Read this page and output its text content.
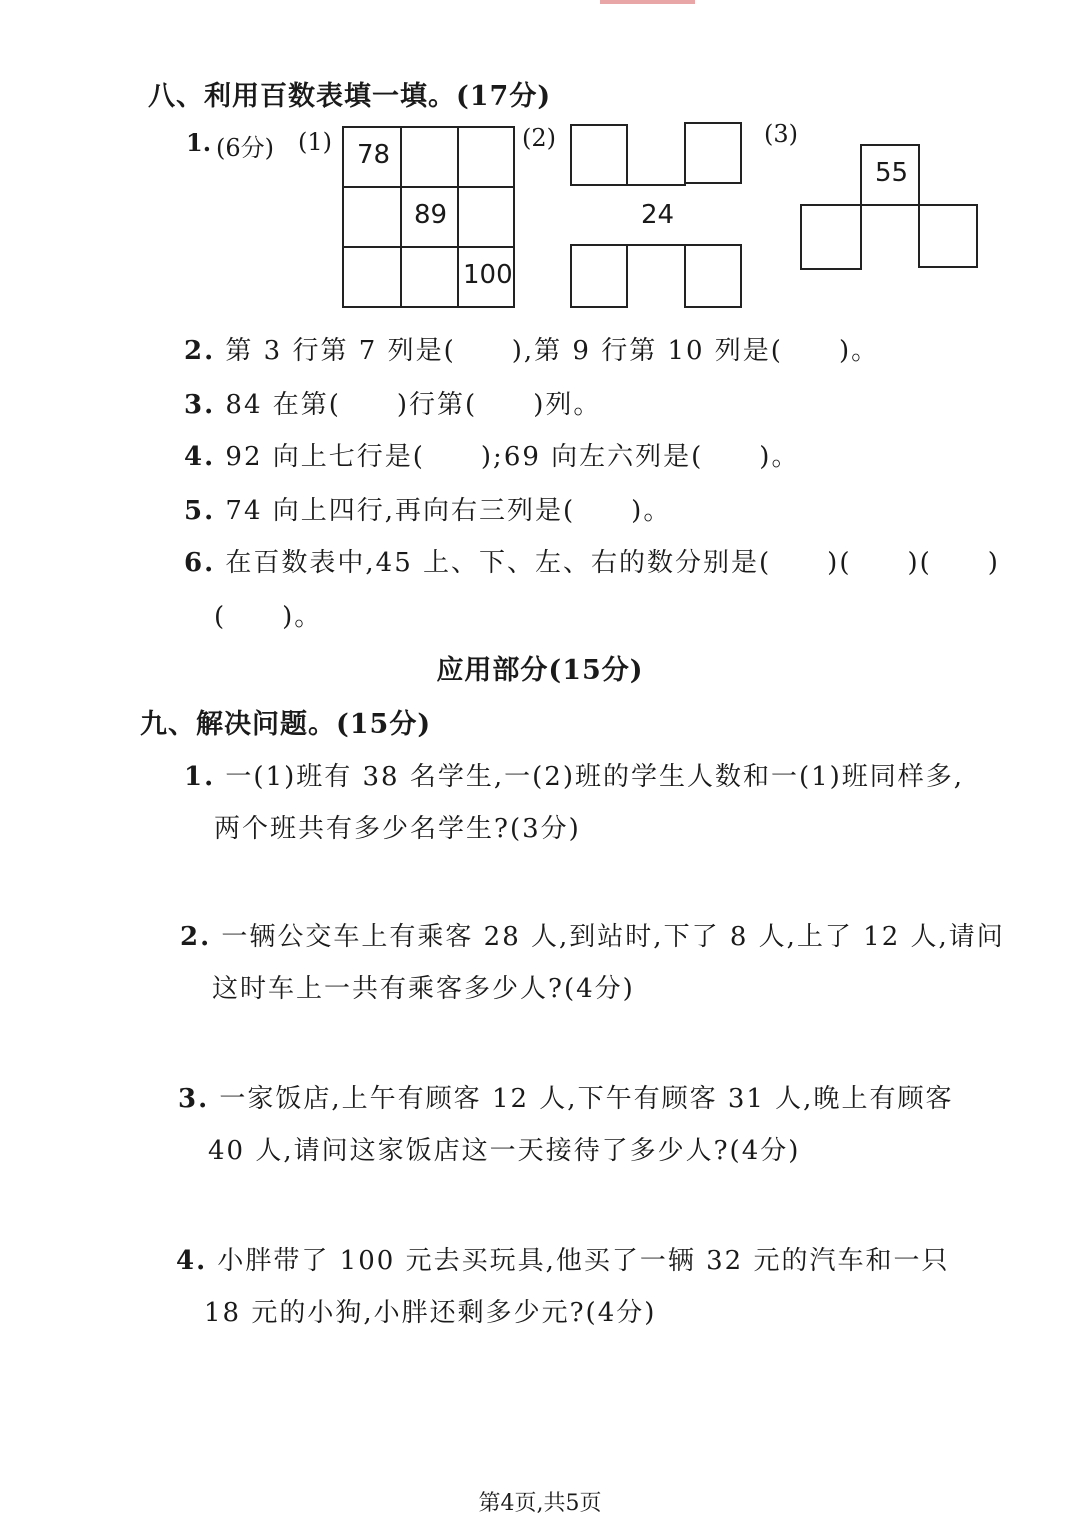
八、利用百数表填一填。(17分)
1. (6分) (1)	(2)	(3)
78
89
100
24
55
2. 第 3 行第 7 列是(　　),第 9 行第 10 列是(　　)。
3. 84 在第(　　)行第(　　)列。
4. 92 向上七行是(　　);69 向左六列是(　　)。
5. 74 向上四行,再向右三列是(　　)。
6. 在百数表中,45 上、下、左、右的数分别是(　　)(　　)(　　)
(　　)。
应用部分(15分)
九、解决问题。(15分)
1. 一(1)班有 38 名学生,一(2)班的学生人数和一(1)班同样多,
两个班共有多少名学生?(3分)
2. 一辆公交车上有乘客 28 人,到站时,下了 8 人,上了 12 人,请问
这时车上一共有乘客多少人?(4分)
3. 一家饭店,上午有顾客 12 人,下午有顾客 31 人,晚上有顾客
40 人,请问这家饭店这一天接待了多少人?(4分)
4. 小胖带了 100 元去买玩具,他买了一辆 32 元的汽车和一只
18 元的小狗,小胖还剩多少元?(4分)
第4页,共5页
